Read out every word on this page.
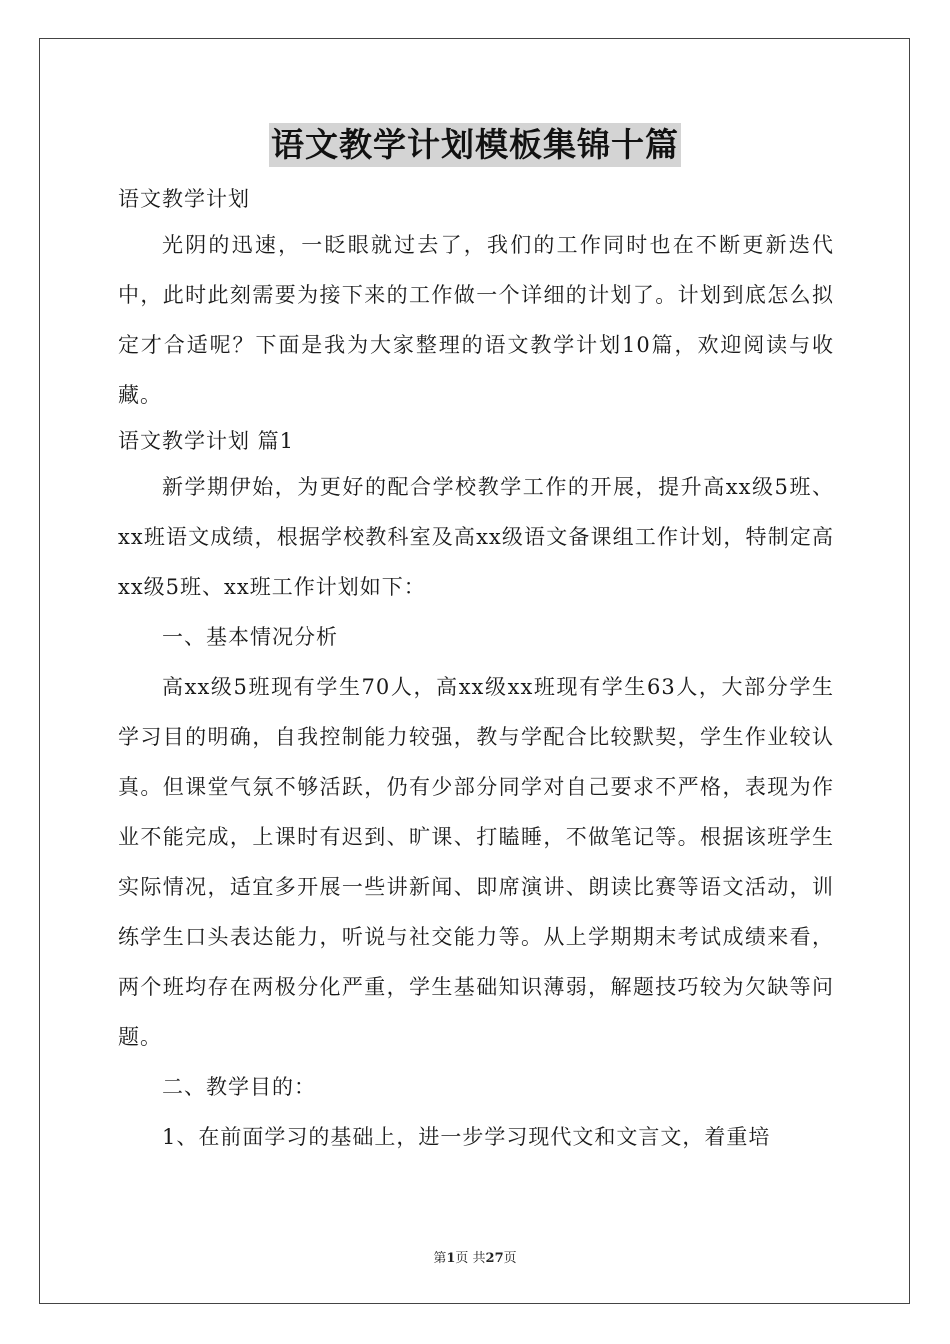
语文教学计划模板集锦十篇

语文教学计划

光阴的迅速，一眨眼就过去了，我们的工作同时也在不断更新迭代中，此时此刻需要为接下来的工作做一个详细的计划了。计划到底怎么拟定才合适呢？下面是我为大家整理的语文教学计划10篇，欢迎阅读与收藏。

语文教学计划 篇1

新学期伊始，为更好的配合学校教学工作的开展，提升高xx级5班、xx班语文成绩，根据学校教科室及高xx级语文备课组工作计划，特制定高xx级5班、xx班工作计划如下：

一、基本情况分析

高xx级5班现有学生70人，高xx级xx班现有学生63人，大部分学生学习目的明确，自我控制能力较强，教与学配合比较默契，学生作业较认真。但课堂气氛不够活跃，仍有少部分同学对自己要求不严格，表现为作业不能完成，上课时有迟到、旷课、打瞌睡，不做笔记等。根据该班学生实际情况，适宜多开展一些讲新闻、即席演讲、朗读比赛等语文活动，训练学生口头表达能力，听说与社交能力等。从上学期期末考试成绩来看，两个班均存在两极分化严重，学生基础知识薄弱，解题技巧较为欠缺等问题。

二、教学目的：

1、在前面学习的基础上，进一步学习现代文和文言文，着重培

第1页 共27页
